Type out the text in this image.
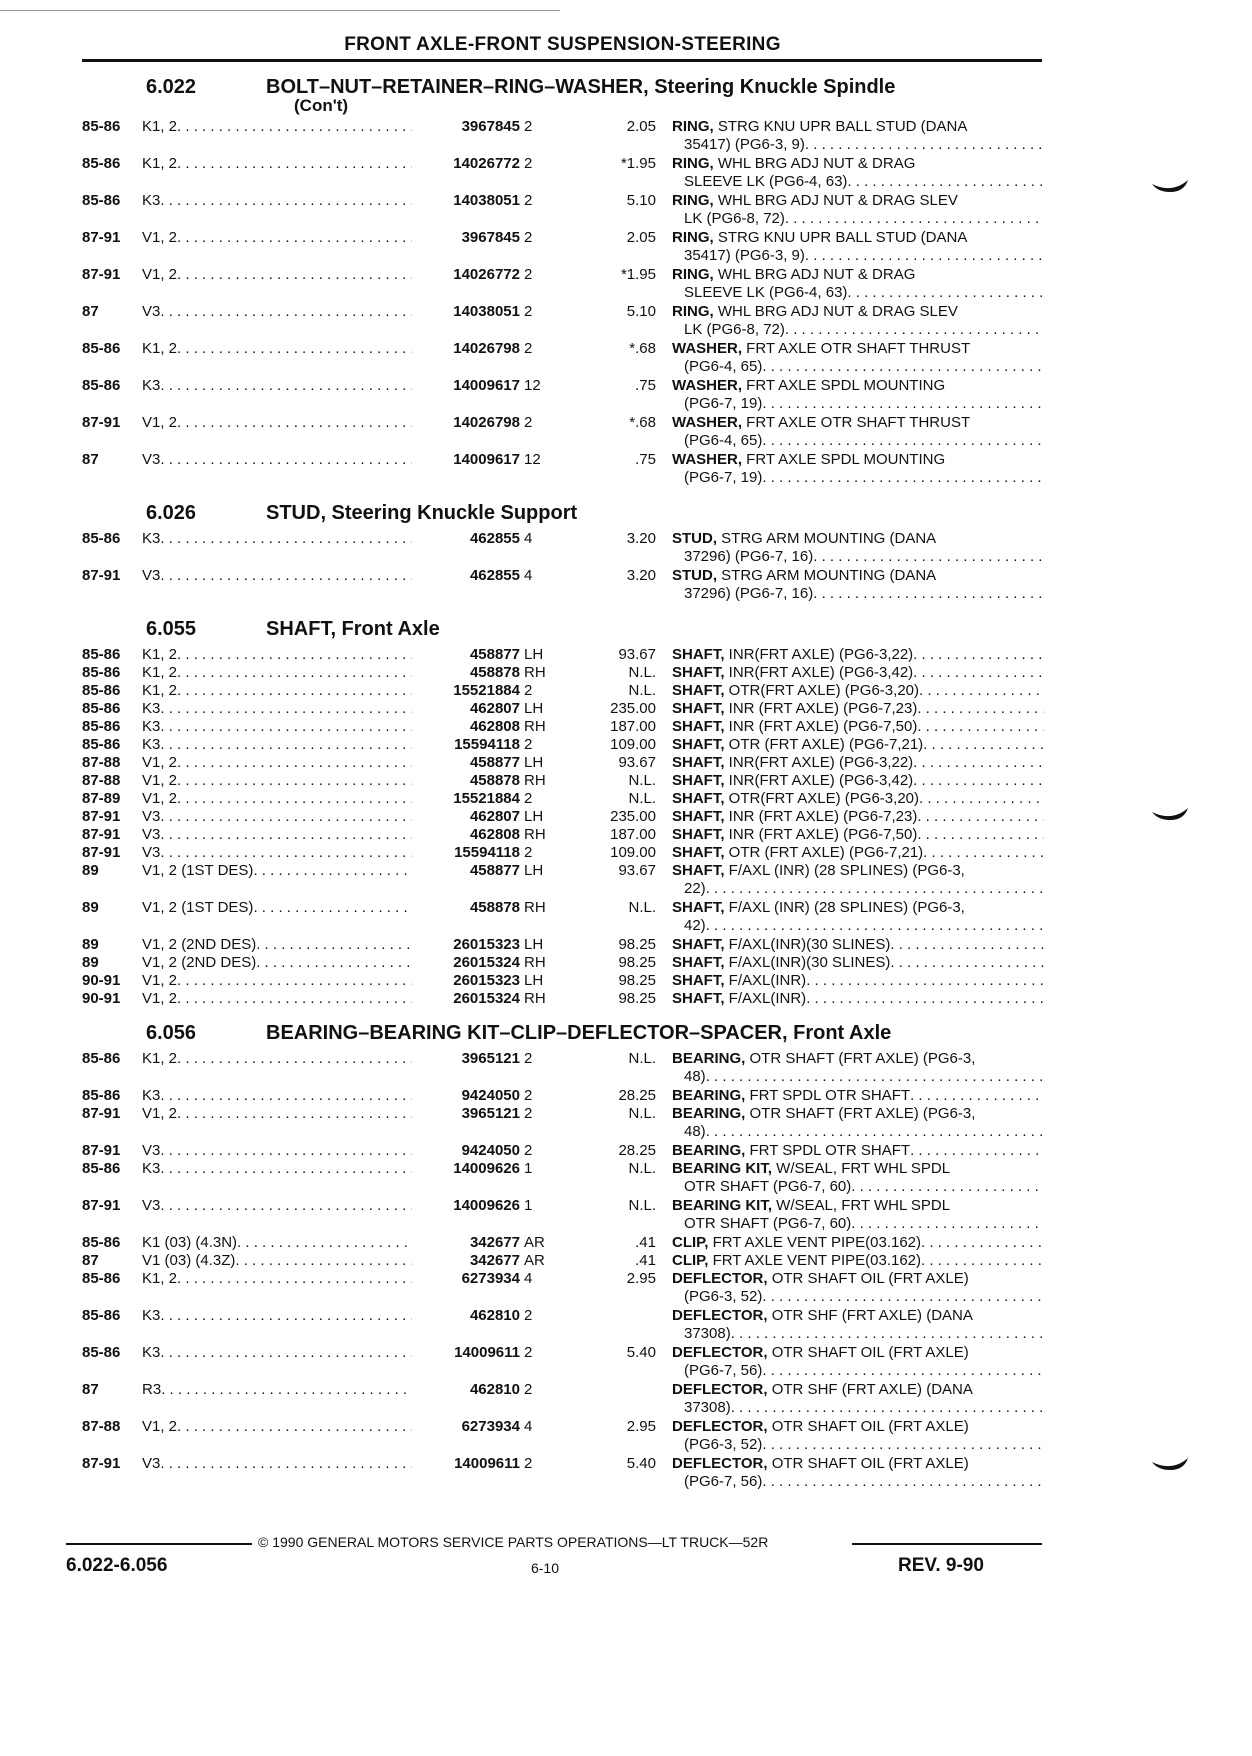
FRONT AXLE-FRONT SUSPENSION-STEERING
6.022	BOLT–NUT–RETAINER–RING–WASHER, Steering Knuckle Spindle
(Con't)
85-86	K1, 2 . . .	3967845 2	2.05 RING, STRG KNU UPR BALL STUD (DANA
35417) (PG6-3, 9)
. . .
85-86	K1, 2 . . .	14026772 2	*1.95 RING, WHL BRG ADJ NUT & DRAG
SLEEVE LK (PG6-4, 63)
. . .
85-86	K3 . . .	14038051 2	5.10 RING, WHL BRG ADJ NUT & DRAG SLEV
LK (PG6-8, 72)
. . .
87-91	V1, 2 . . .	3967845 2	2.05 RING, STRG KNU UPR BALL STUD (DANA
35417) (PG6-3, 9)
. . .
87-91	V1, 2 . . .	14026772 2	*1.95 RING, WHL BRG ADJ NUT & DRAG
SLEEVE LK (PG6-4, 63)
. . .
87	V3 . . .	14038051 2	5.10 RING, WHL BRG ADJ NUT & DRAG SLEV
LK (PG6-8, 72)
. . .
85-86	K1, 2 . . .	14026798 2	*.68 WASHER, FRT AXLE OTR SHAFT THRUST
(PG6-4, 65)
. . .
85-86	K3 . . .	14009617 12	.75 WASHER, FRT AXLE SPDL MOUNTING
(PG6-7, 19)
. . .
87-91	V1, 2 . . .	14026798 2	*.68 WASHER, FRT AXLE OTR SHAFT THRUST
(PG6-4, 65)
. . .
87	V3 . . .	14009617 12	.75 WASHER, FRT AXLE SPDL MOUNTING
(PG6-7, 19)
. . .
6.026	STUD, Steering Knuckle Support
85-86	K3 . . .	462855 4	3.20 STUD, STRG ARM MOUNTING (DANA
37296) (PG6-7, 16)
. . .
87-91	V3 . . .	462855 4	3.20 STUD, STRG ARM MOUNTING (DANA
37296) (PG6-7, 16)
. . .
6.055	SHAFT, Front Axle
85-86	K1, 2 . . .	458877 LH	93.67 SHAFT, INR(FRT AXLE) (PG6-3,22)
. . .
85-86	K1, 2 . . .	458878 RH	N.L. SHAFT, INR(FRT AXLE) (PG6-3,42)
. . .
85-86	K1, 2 . . .	15521884 2	N.L. SHAFT, OTR(FRT AXLE) (PG6-3,20)
. . .
85-86	K3 . . .	462807 LH	235.00 SHAFT, INR (FRT AXLE) (PG6-7,23)
. . .
85-86	K3 . . .	462808 RH	187.00 SHAFT, INR (FRT AXLE) (PG6-7,50)
. . .
85-86	K3 . . .	15594118 2	109.00 SHAFT, OTR (FRT AXLE) (PG6-7,21)
. . .
87-88	V1, 2 . . .	458877 LH	93.67 SHAFT, INR(FRT AXLE) (PG6-3,22)
. . .
87-88	V1, 2 . . .	458878 RH	N.L. SHAFT, INR(FRT AXLE) (PG6-3,42)
. . .
87-89	V1, 2 . . .	15521884 2	N.L. SHAFT, OTR(FRT AXLE) (PG6-3,20)
. . .
87-91	V3 . . .	462807 LH	235.00 SHAFT, INR (FRT AXLE) (PG6-7,23)
. . .
87-91	V3 . . .	462808 RH	187.00 SHAFT, INR (FRT AXLE) (PG6-7,50)
. . .
87-91	V3 . . .	15594118 2	109.00 SHAFT, OTR (FRT AXLE) (PG6-7,21)
. . .
89	V1, 2 (1ST DES) . . .	458877 LH	93.67 SHAFT, F/AXL (INR) (28 SPLINES) (PG6-3,
22)
. . .
89	V1, 2 (1ST DES) . . .	458878 RH	N.L. SHAFT, F/AXL (INR) (28 SPLINES) (PG6-3,
42)
. . .
89	V1, 2 (2ND DES) . . .	26015323 LH	98.25 SHAFT, F/AXL(INR)(30 SLINES)
. . .
89	V1, 2 (2ND DES) . . .	26015324 RH	98.25 SHAFT, F/AXL(INR)(30 SLINES)
. . .
90-91	V1, 2 . . .	26015323 LH	98.25 SHAFT, F/AXL(INR)
. . .
90-91	V1, 2 . . .	26015324 RH	98.25 SHAFT, F/AXL(INR)
. . .
6.056	BEARING–BEARING KIT–CLIP–DEFLECTOR–SPACER, Front Axle
85-86	K1, 2 . . .	3965121 2	N.L. BEARING, OTR SHAFT (FRT AXLE) (PG6-3,
48)
. . .
85-86	K3 . . .	9424050 2	28.25 BEARING, FRT SPDL OTR SHAFT
. . .
87-91	V1, 2 . . .	3965121 2	N.L. BEARING, OTR SHAFT (FRT AXLE) (PG6-3,
48)
. . .
87-91	V3 . . .	9424050 2	28.25 BEARING, FRT SPDL OTR SHAFT
. . .
85-86	K3 . . .	14009626 1	N.L. BEARING KIT, W/SEAL, FRT WHL SPDL
OTR SHAFT (PG6-7, 60)
. . .
87-91	V3 . . .	14009626 1	N.L. BEARING KIT, W/SEAL, FRT WHL SPDL
OTR SHAFT (PG6-7, 60)
. . .
85-86	K1 (03) (4.3N) . . .	342677 AR	.41 CLIP, FRT AXLE VENT PIPE(03.162)
. . .
87	V1 (03) (4.3Z) . . .	342677 AR	.41 CLIP, FRT AXLE VENT PIPE(03.162)
. . .
85-86	K1, 2 . . .	6273934 4	2.95 DEFLECTOR, OTR SHAFT OIL (FRT AXLE)
(PG6-3, 52)
. . .
85-86	K3 . . .	462810 2	DEFLECTOR, OTR SHF (FRT AXLE) (DANA
37308)
. . .
85-86	K3 . . .	14009611 2	5.40 DEFLECTOR, OTR SHAFT OIL (FRT AXLE)
(PG6-7, 56)
. . .
87	R3 . . .	462810 2	DEFLECTOR, OTR SHF (FRT AXLE) (DANA
37308)
. . .
87-88	V1, 2 . . .	6273934 4	2.95 DEFLECTOR, OTR SHAFT OIL (FRT AXLE)
(PG6-3, 52)
. . .
87-91	V3 . . .	14009611 2	5.40 DEFLECTOR, OTR SHAFT OIL (FRT AXLE)
(PG6-7, 56)
. . .
© 1990 GENERAL MOTORS SERVICE PARTS OPERATIONS—LT TRUCK—52R
6.022-6.056	6-10	REV. 9-90
